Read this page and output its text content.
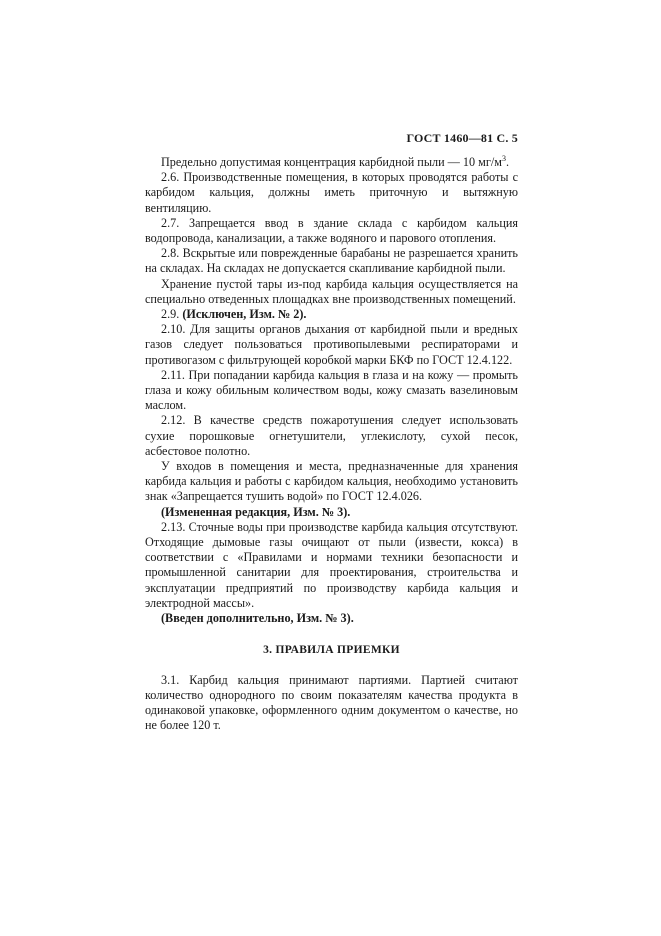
ГОСТ 1460—81 С. 5

Предельно допустимая концентрация карбидной пыли — 10 $мг/м^3$.

2.6. Производственные помещения, в которых проводятся работы с карбидом кальция, должны иметь приточную и вытяжную вентиляцию.

2.7. Запрещается ввод в здание склада с карбидом кальция водопровода, канализации, а также водяного и парового отопления.

2.8. Вскрытые или поврежденные барабаны не разрешается хранить на складах. На складах не допускается скапливание карбидной пыли.

Хранение пустой тары из-под карбида кальция осуществляется на специально отведенных площадках вне производственных помещений.

2.9. (Исключен, Изм. № 2).

2.10. Для защиты органов дыхания от карбидной пыли и вредных газов следует пользоваться противопылевыми респираторами и противогазом с фильтрующей коробкой марки БКФ по ГОСТ 12.4.122.

2.11. При попадании карбида кальция в глаза и на кожу — промыть глаза и кожу обильным количеством воды, кожу смазать вазелиновым маслом.

2.12. В качестве средств пожаротушения следует использовать сухие порошковые огнетушители, углекислоту, сухой песок, асбестовое полотно.

У входов в помещения и места, предназначенные для хранения карбида кальция и работы с карбидом кальция, необходимо установить знак «Запрещается тушить водой» по ГОСТ 12.4.026.

(Измененная редакция, Изм. № 3).

2.13. Сточные воды при производстве карбида кальция отсутствуют. Отходящие дымовые газы очищают от пыли (извести, кокса) в соответствии с «Правилами и нормами техники безопасности и промышленной санитарии для проектирования, строительства и эксплуатации предприятий по производству карбида кальция и электродной массы».

(Введен дополнительно, Изм. № 3).

3. ПРАВИЛА ПРИЕМКИ

3.1. Карбид кальция принимают партиями. Партией считают количество однородного по своим показателям качества продукта в одинаковой упаковке, оформленного одним документом о качестве, но не более 120 т.
